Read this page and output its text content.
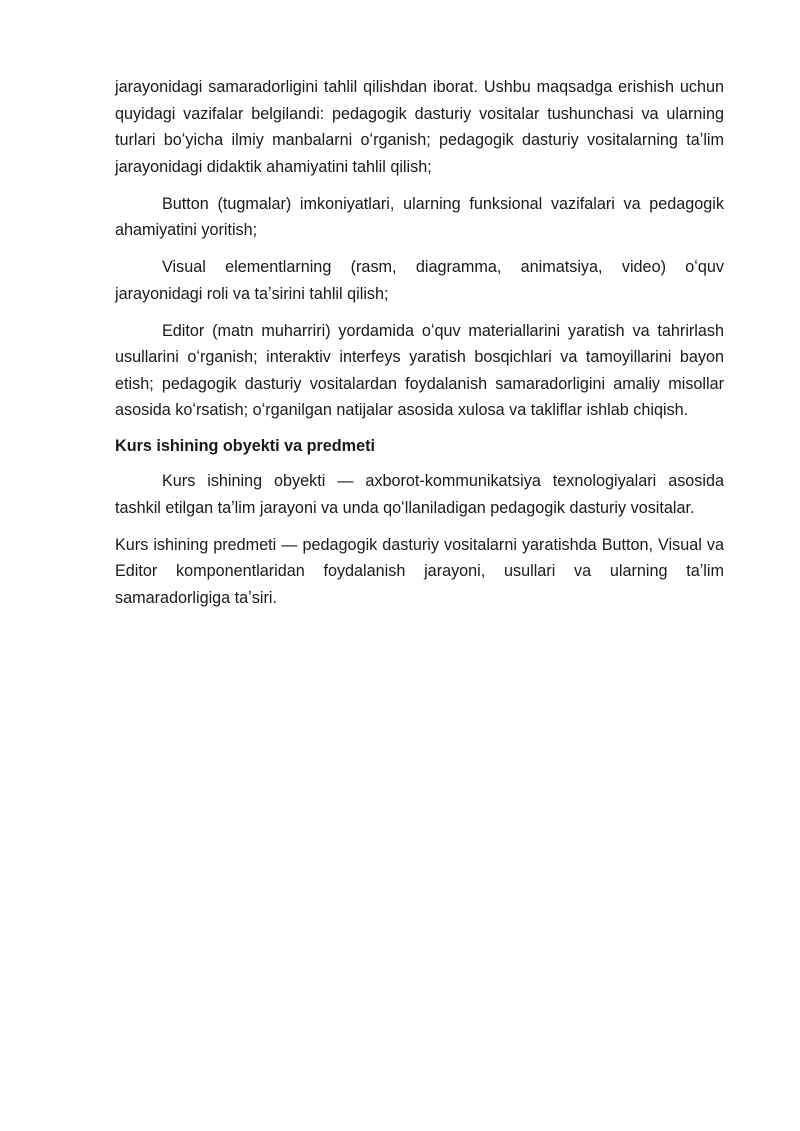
jarayonidagi samaradorligini tahlil qilishdan iborat. Ushbu maqsadga erishish uchun quyidagi vazifalar belgilandi: pedagogik dasturiy vositalar tushunchasi va ularning turlari boʻyicha ilmiy manbalarni oʻrganish; pedagogik dasturiy vositalarning taʼlim jarayonidagi didaktik ahamiyatini tahlil qilish;

Button (tugmalar) imkoniyatlari, ularning funksional vazifalari va pedagogik ahamiyatini yoritish;

Visual elementlarning (rasm, diagramma, animatsiya, video) oʻquv jarayonidagi roli va taʼsirini tahlil qilish;

Editor (matn muharriri) yordamida oʻquv materiallarini yaratish va tahrirlash usullarini oʻrganish; interaktiv interfeys yaratish bosqichlari va tamoyillarini bayon etish; pedagogik dasturiy vositalardan foydalanish samaradorligini amaliy misollar asosida koʻrsatish; oʻrganilgan natijalar asosida xulosa va takliflar ishlab chiqish.

Kurs ishining obyekti va predmeti

Kurs ishining obyekti — axborot-kommunikatsiya texnologiyalari asosida tashkil etilgan taʼlim jarayoni va unda qoʻllaniladigan pedagogik dasturiy vositalar.

Kurs ishining predmeti — pedagogik dasturiy vositalarni yaratishda Button, Visual va Editor komponentlaridan foydalanish jarayoni, usullari va ularning taʼlim samaradorligiga taʼsiri.
